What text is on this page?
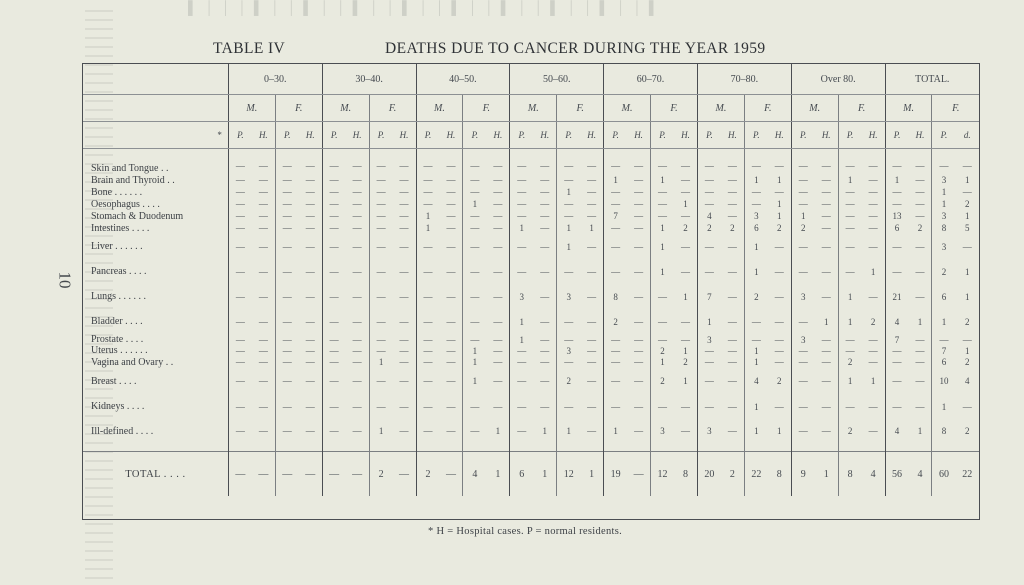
▌ │ │ │ ▌ │ │ ▌ │ │ ▌ │ │ ▌ │ │ ▌ │ │ ▌ │ │ ▌ │ │ ▌ │ │ ▌
10
TABLE IV	DEATHS DUE TO CANCER DURING THE YEAR 1959
	0–30.				30–40.				40–50.				50–60.				60–70.				70–80.				Over 80.				TOTAL.			
	M.		F.		M.		F.		M.		F.		M.		F.		M.		F.		M.		F.		M.		F.		M.		F.	
*	P.	H.	P.	H.	P.	H.	P.	H.	P.	H.	P.	H.	P.	H.	P.	H.	P.	H.	P.	H.	P.	H.	P.	H.	P.	H.	P.	H.	P.	H.	P.	d.

Skin and Tongue . .	—	—	—	—	—	—	—	—	—	—	—	—	—	—	—	—	—	—	—	—	—	—	—	—	—	—	—	—	—	—	—	—
Brain and Thyroid . .	—	—	—	—	—	—	—	—	—	—	—	—	—	—	—	—	1	—	1	—	—	—	1	1	—	—	1	—	1	—	3	1
Bone . . . . . .	—	—	—	—	—	—	—	—	—	—	—	—	—	—	1	—	—	—	—	—	—	—	—	—	—	—	—	—	—	—	1	—
Oesophagus . . . .	—	—	—	—	—	—	—	—	—	—	1	—	—	—	—	—	—	—	—	1	—	—	—	1	—	—	—	—	—	—	1	2
Stomach & Duodenum	—	—	—	—	—	—	—	—	1	—	—	—	—	—	—	—	7	—	—	—	4	—	3	1	1	—	—	—	13	—	3	1
Intestines . . . .	—	—	—	—	—	—	—	—	1	—	—	—	1	—	1	1	—	—	1	2	2	2	6	2	2	—	—	—	6	2	8	5
Liver . . . . . .	—	—	—	—	—	—	—	—	—	—	—	—	—	—	1	—	—	—	1	—	—	—	1	—	—	—	—	—	—	—	3	—
Pancreas . . . .	—	—	—	—	—	—	—	—	—	—	—	—	—	—	—	—	—	—	1	—	—	—	1	—	—	—	—	1	—	—	2	1
Lungs . . . . . .	—	—	—	—	—	—	—	—	—	—	—	—	3	—	3	—	8	—	—	1	7	—	2	—	3	—	1	—	21	—	6	1
Bladder . . . .	—	—	—	—	—	—	—	—	—	—	—	—	1	—	—	—	2	—	—	—	1	—	—	—	—	1	1	2	4	1	1	2
Prostate . . . .	—	—	—	—	—	—	—	—	—	—	—	—	1	—	—	—	—	—	—	—	3	—	—	—	3	—	—	—	7	—	—	—
Uterus . . . . . .	—	—	—	—	—	—	—	—	—	—	1	—	—	—	3	—	—	—	2	1	—	—	1	—	—	—	—	—	—	—	7	1
Vagina and Ovary . .	—	—	—	—	—	—	1	—	—	—	1	—	—	—	—	—	—	—	1	2	—	—	1	—	—	—	2	—	—	—	6	2
Breast . . . .	—	—	—	—	—	—	—	—	—	—	1	—	—	—	2	—	—	—	2	1	—	—	4	2	—	—	1	1	—	—	10	4
Kidneys . . . .	—	—	—	—	—	—	—	—	—	—	—	—	—	—	—	—	—	—	—	—	—	—	1	—	—	—	—	—	—	—	1	—
Ill-defined . . . .	—	—	—	—	—	—	1	—	—	—	—	1	—	1	1	—	1	—	3	—	3	—	1	1	—	—	2	—	4	1	8	2

TOTAL . . . .	—	—	—	—	—	—	2	—	2	—	4	1	6	1	12	1	19	—	12	8	20	2	22	8	9	1	8	4	56	4	60	22
* H = Hospital cases. P = normal residents.
